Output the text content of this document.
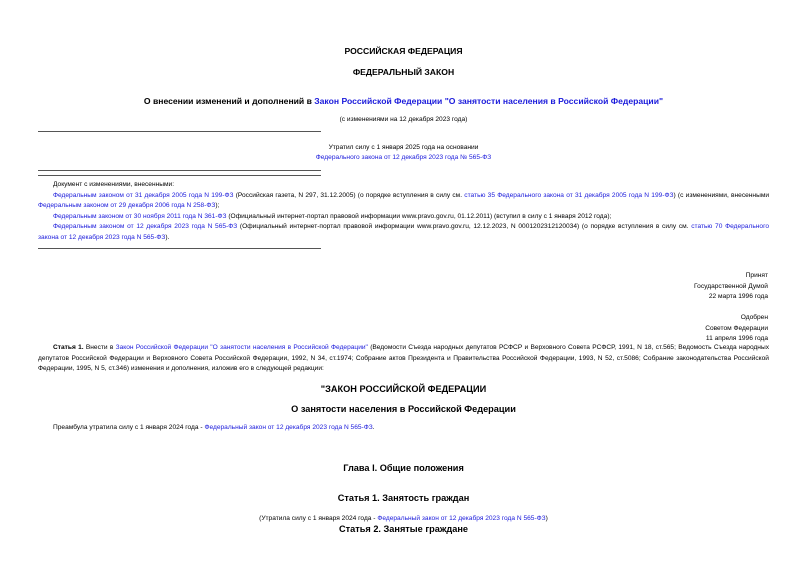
РОССИЙСКАЯ ФЕДЕРАЦИЯ
ФЕДЕРАЛЬНЫЙ ЗАКОН
О внесении изменений и дополнений в Закон Российской Федерации "О занятости населения в Российской Федерации"
(с изменениями на 12 декабря 2023 года)
Утратил силу с 1 января 2025 года на основании
Федерального закона от 12 декабря 2023 года № 565-ФЗ
Документ с изменениями, внесенными:
Федеральным законом от 31 декабря 2005 года N 199-ФЗ (Российская газета, N 297, 31.12.2005) (о порядке вступления в силу см. статью 35 Федерального закона от 31 декабря 2005 года N 199-ФЗ) (с изменениями, внесенными Федеральным законом от 29 декабря 2006 года N 258-ФЗ);
Федеральным законом от 30 ноября 2011 года N 361-ФЗ (Официальный интернет-портал правовой информации www.pravo.gov.ru, 01.12.2011) (вступил в силу с 1 января 2012 года);
Федеральным законом от 12 декабря 2023 года N 565-ФЗ (Официальный интернет-портал правовой информации www.pravo.gov.ru, 12.12.2023, N 0001202312120034) (о порядке вступления в силу см. статью 70 Федерального закона от 12 декабря 2023 года N 565-ФЗ).
Принят
Государственной Думой
22 марта 1996 года
Одобрен
Советом Федерации
11 апреля 1996 года
Статья 1. Внести в Закон Российской Федерации "О занятости населения в Российской Федерации" (Ведомости Съезда народных депутатов РСФСР и Верховного Совета РСФСР, 1991, N 18, ст.565; Ведомость Съезда народных депутатов Российской Федерации и Верховного Совета Российской Федерации, 1992, N 34, ст.1974; Собрание актов Президента и Правительства Российской Федерации, 1993, N 52, ст.5086; Собрание законодательства Российской Федерации, 1995, N 5, ст.346) изменения и дополнения, изложив его в следующей редакции:
"ЗАКОН РОССИЙСКОЙ ФЕДЕРАЦИИ
О занятости населения в Российской Федерации
Преамбула утратила силу с 1 января 2024 года - Федеральный закон от 12 декабря 2023 года N 565-ФЗ.
Глава I. Общие положения
Статья 1. Занятость граждан
(Утратила силу с 1 января 2024 года - Федеральный закон от 12 декабря 2023 года N 565-ФЗ)
Статья 2. Занятые граждане
